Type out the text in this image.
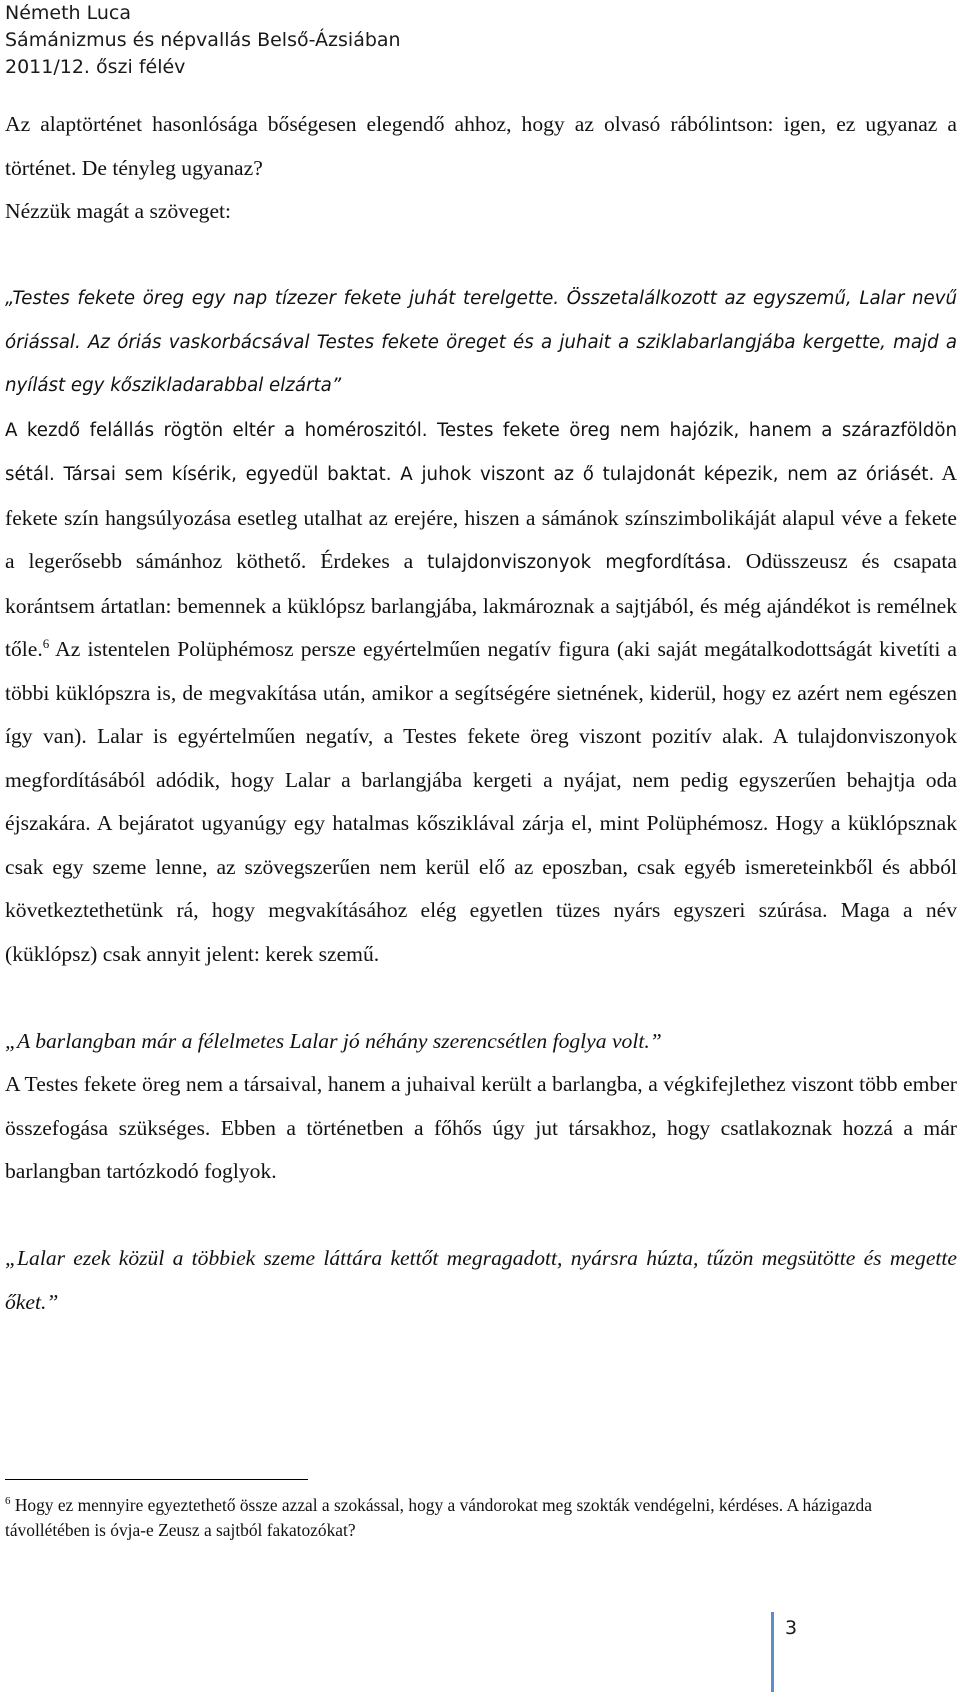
Németh Luca
Sámánizmus és népvallás Belső-Ázsiában
2011/12. őszi félév

Az alaptörténet hasonlósága bőségesen elegendő ahhoz, hogy az olvasó rábólintson: igen, ez ugyanaz a történet. De tényleg ugyanaz?

Nézzük magát a szöveget:

„Testes fekete öreg egy nap tízezer fekete juhát terelgette. Összetalálkozott az egyszemű, Lalar nevű óriással. Az óriás vaskorbácsával Testes fekete öreget és a juhait a sziklabarlangjába kergette, majd a nyílást egy kőszikladarabbal elzárta”

A kezdő felállás rögtön eltér a homéroszitól. Testes fekete öreg nem hajózik, hanem a szárazföldön sétál. Társai sem kísérik, egyedül baktat. A juhok viszont az ő tulajdonát képezik, nem az óriásét. A fekete szín hangsúlyozása esetleg utalhat az erejére, hiszen a sámánok színszimbolikáját alapul véve a fekete a legerősebb sámánhoz köthető. Érdekes a tulajdonviszonyok megfordítása. Odüsszeusz és csapata korántsem ártatlan: bemennek a küklópsz barlangjába, lakmároznak a sajtjából, és még ajándékot is remélnek tőle.$^6$ Az istentelen Polüphémosz persze egyértelműen negatív figura (aki saját megátalkodottságát kivetíti a többi küklópszra is, de megvakítása után, amikor a segítségére sietnének, kiderül, hogy ez azért nem egészen így van). Lalar is egyértelműen negatív, a Testes fekete öreg viszont pozitív alak. A tulajdonviszonyok megfordításából adódik, hogy Lalar a barlangjába kergeti a nyájat, nem pedig egyszerűen behajtja oda éjszakára. A bejáratot ugyanúgy egy hatalmas kősziklával zárja el, mint Polüphémosz. Hogy a küklópsznak csak egy szeme lenne, az szövegszerűen nem kerül elő az eposzban, csak egyéb ismereteinkből és abból következtethetünk rá, hogy megvakításához elég egyetlen tüzes nyárs egyszeri szúrása. Maga a név (küklópsz) csak annyit jelent: kerek szemű.

„A barlangban már a félelmetes Lalar jó néhány szerencsétlen foglya volt.”

A Testes fekete öreg nem a társaival, hanem a juhaival került a barlangba, a végkifejlethez viszont több ember összefogása szükséges. Ebben a történetben a főhős úgy jut társakhoz, hogy csatlakoznak hozzá a már barlangban tartózkodó foglyok.

„Lalar ezek közül a többiek szeme láttára kettőt megragadott, nyársra húzta, tűzön megsütötte és megette őket.”

$^6$ Hogy ez mennyire egyeztethető össze azzal a szokással, hogy a vándorokat meg szokták vendégelni, kérdéses. A házigazda távollétében is óvja-e Zeusz a sajtból fakatozókat?
3
